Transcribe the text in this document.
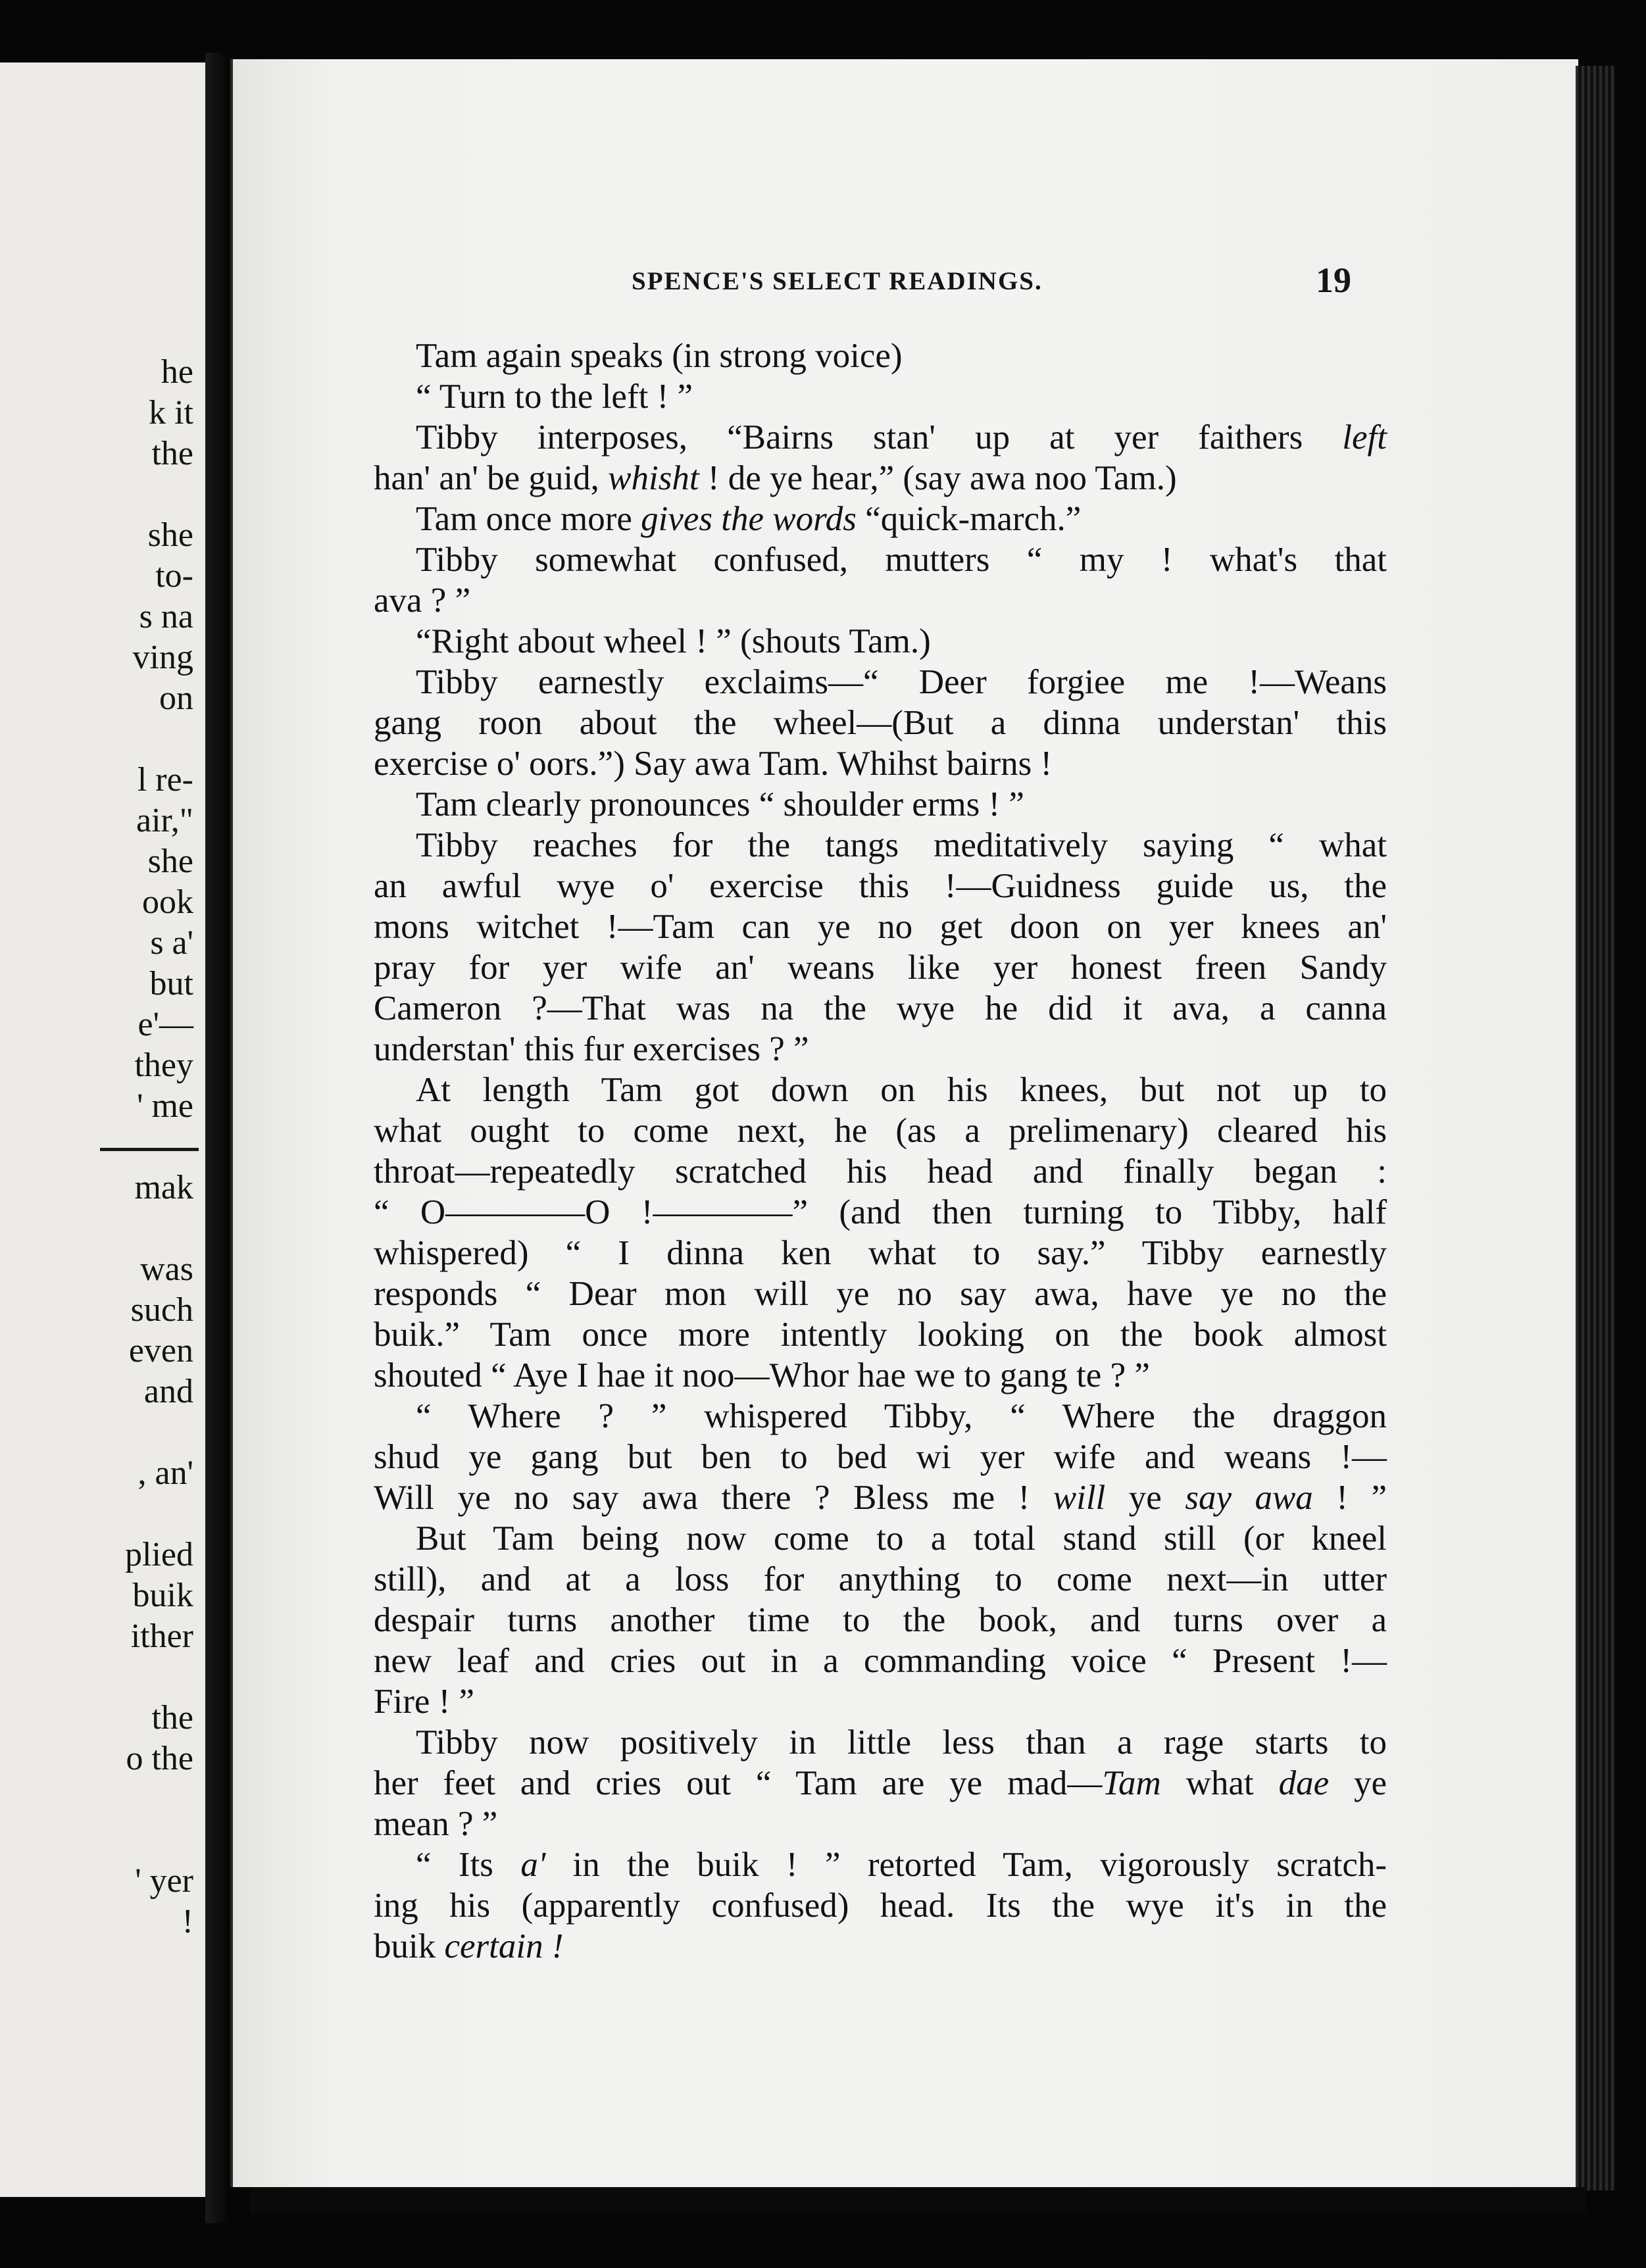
he
k it
the
she
to-
s na
ving
on
l re-
air,"
she
ook
s a'
but
e'—
they
' me
mak
was
such
even
and
, an'
plied
buik
ither
the
o the
' yer
!
SPENCE'S SELECT READINGS.	19
Tam again speaks (in strong voice)
“ Turn to the left ! ”
Tibby interposes, “Bairns stan' up at yer faithers left
han' an' be guid, whisht ! de ye hear,” (say awa noo Tam.)
Tam once more gives the words “quick-march.”
Tibby somewhat confused, mutters “ my ! what's that
ava ? ”
“Right about wheel ! ” (shouts Tam.)
Tibby earnestly exclaims—“ Deer forgiee me !—Weans
gang roon about the wheel—(But a dinna understan' this
exercise o' oors.”) Say awa Tam. Whihst bairns !
Tam clearly pronounces “ shoulder erms ! ”
Tibby reaches for the tangs meditatively saying “ what
an awful wye o' exercise this !—Guidness guide us, the
mons witchet !—Tam can ye no get doon on yer knees an'
pray for yer wife an' weans like yer honest freen Sandy
Cameron ?—That was na the wye he did it ava, a canna
understan' this fur exercises ? ”
At length Tam got down on his knees, but not up to
what ought to come next, he (as a prelimenary) cleared his
throat—repeatedly scratched his head and finally began :
“ O————O !————” (and then turning to Tibby, half
whispered) “ I dinna ken what to say.” Tibby earnestly
responds “ Dear mon will ye no say awa, have ye no the
buik.” Tam once more intently looking on the book almost
shouted “ Aye I hae it noo—Whor hae we to gang te ? ”
“ Where ? ” whispered Tibby, “ Where the draggon
shud ye gang but ben to bed wi yer wife and weans !—
Will ye no say awa there ? Bless me ! will ye say awa ! ”
But Tam being now come to a total stand still (or kneel
still), and at a loss for anything to come next—in utter
despair turns another time to the book, and turns over a
new leaf and cries out in a commanding voice “ Present !—
Fire ! ”
Tibby now positively in little less than a rage starts to
her feet and cries out “ Tam are ye mad—Tam what dae ye
mean ? ”
“ Its a' in the buik ! ” retorted Tam, vigorously scratch-
ing his (apparently confused) head. Its the wye it's in the
buik certain !
